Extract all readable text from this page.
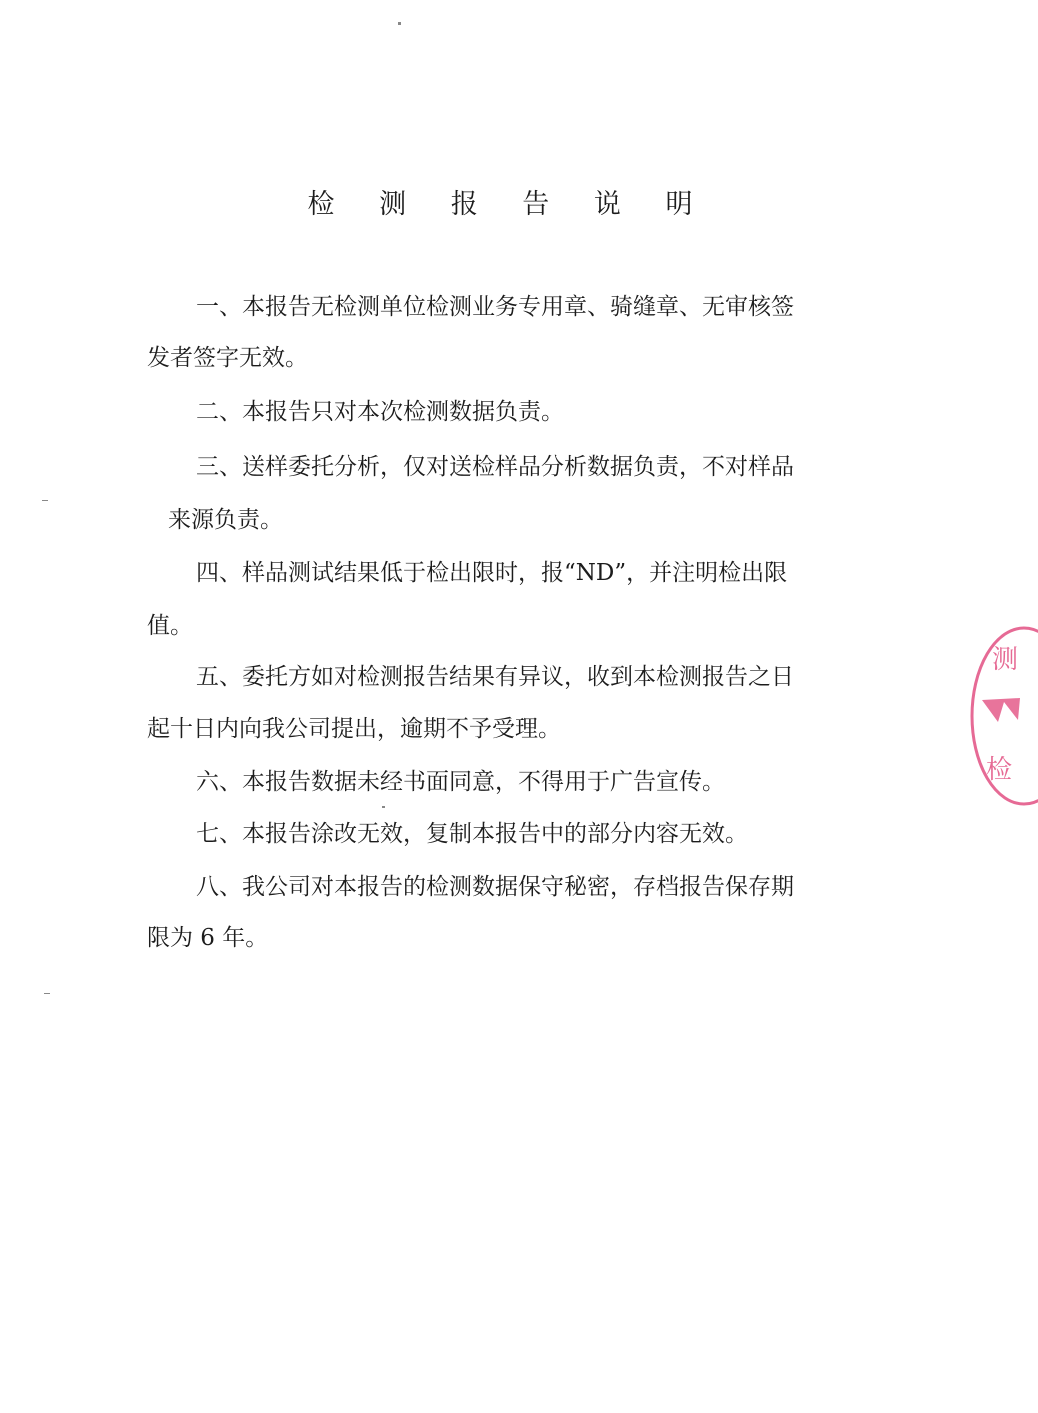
检 测 报 告 说 明
一、本报告无检测单位检测业务专用章、骑缝章、无审核签
发者签字无效。
二、本报告只对本次检测数据负责。
三、送样委托分析，仅对送检样品分析数据负责，不对样品
来源负责。
四、样品测试结果低于检出限时，报“ND”，并注明检出限
值。
五、委托方如对检测报告结果有异议，收到本检测报告之日
起十日内向我公司提出，逾期不予受理。
六、本报告数据未经书面同意，不得用于广告宣传。
七、本报告涂改无效，复制本报告中的部分内容无效。
八、我公司对本报告的检测数据保守秘密，存档报告保存期
限为 6 年。
测
检
